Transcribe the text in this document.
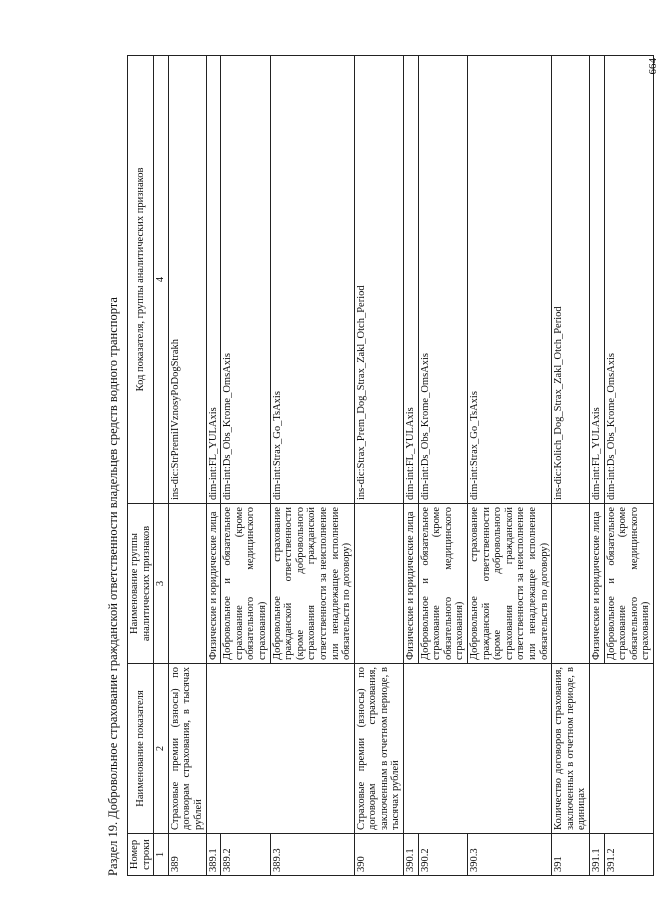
Раздел 19. Добровольное страхование гражданской ответственности владельцев средств водного транспорта Номер строки	Наименование показателя	Наименование группы аналитических признаков	Код показателя, группы аналитических признаков
1	2	3	4
389	Страховые премии (взносы) по договорам страхования, в тысячах рублей		ins-dic:StrPremiIVznosyPoDogStrakh
389.1		Физические и юридические лица	dim-int:FL_YULAxis
389.2		Добровольное и обязательное страхование (кроме обязательного медицинского страхования)	dim-int:Ds_Obs_Krome_OmsAxis
389.3		Добровольное страхование гражданской ответственности (кроме добровольного страхования гражданской ответственности за неисполнение или ненадлежащее исполнение обязательств по договору)	dim-int:Strax_Go_TsAxis
390	Страховые премии (взносы) по договорам страхования, заключенным в отчетном периоде, в тысячах рублей		ins-dic:Strax_Prem_Dog_Strax_Zakl_Otch_Period
390.1		Физические и юридические лица	dim-int:FL_YULAxis
390.2		Добровольное и обязательное страхование (кроме обязательного медицинского страхования)	dim-int:Ds_Obs_Krome_OmsAxis
390.3		Добровольное страхование гражданской ответственности (кроме добровольного страхования гражданской ответственности за неисполнение или ненадлежащее исполнение обязательств по договору)	dim-int:Strax_Go_TsAxis
391	Количество договоров страхования, заключенных в отчетном периоде, в единицах		ins-dic:Kolich_Dog_Strax_Zakl_Otch_Period
391.1		Физические и юридические лица	dim-int:FL_YULAxis
391.2		Добровольное и обязательное страхование (кроме обязательного медицинского страхования)	dim-int:Ds_Obs_Krome_OmsAxis
664
